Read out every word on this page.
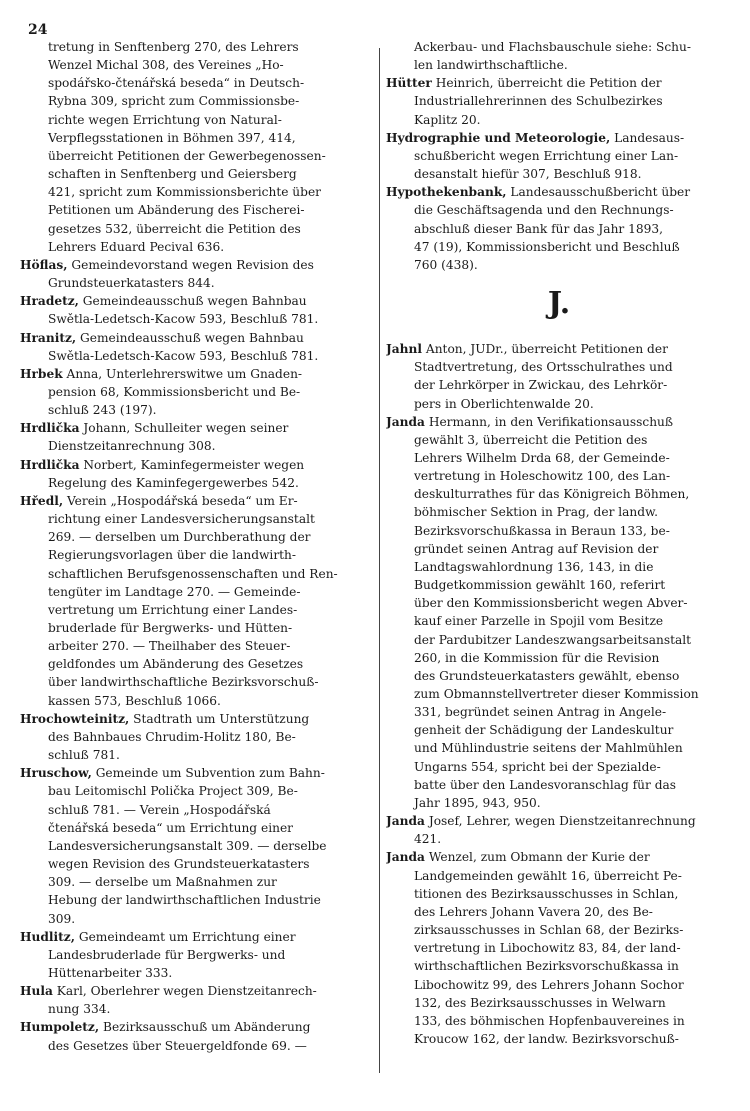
24
tretung in Senftenberg 270, des Lehrers
Wenzel Michal 308, des Vereines „Ho-
spodářsko-čtenářská beseda“ in Deutsch-
Rybna 309, spricht zum Commissionsbe-
richte wegen Errichtung von Natural-
Verpflegsstationen in Böhmen 397, 414,
überreicht Petitionen der Gewerbegenossen-
schaften in Senftenberg und Geiersberg
421, spricht zum Kommissionsberichte über
Petitionen um Abänderung des Fischerei-
gesetzes 532, überreicht die Petition des
Lehrers Eduard Pecival 636.
Höflas, Gemeindevorstand wegen Revision des
Grundsteuerkatasters 844.
Hradetz, Gemeindeausschuß wegen Bahnbau
Swětla-Ledetsch-Kacow 593, Beschluß 781.
Hranitz, Gemeindeausschuß wegen Bahnbau
Swětla-Ledetsch-Kacow 593, Beschluß 781.
Hrbek Anna, Unterlehrerswitwe um Gnaden-
pension 68, Kommissionsbericht und Be-
schluß 243 (197).
Hrdlička Johann, Schulleiter wegen seiner
Dienstzeitanrechnung 308.
Hrdlička Norbert, Kaminfegermeister wegen
Regelung des Kaminfegergewerbes 542.
Hředl, Verein „Hospodářská beseda“ um Er-
richtung einer Landesversicherungsanstalt
269. — derselben um Durchberathung der
Regierungsvorlagen über die landwirth-
schaftlichen Berufsgenossenschaften und Ren-
tengüter im Landtage 270. — Gemeinde-
vertretung um Errichtung einer Landes-
bruderlade für Bergwerks- und Hütten-
arbeiter 270. — Theilhaber des Steuer-
geldfondes um Abänderung des Gesetzes
über landwirthschaftliche Bezirksvorschuß-
kassen 573, Beschluß 1066.
Hrochowteinitz, Stadtrath um Unterstützung
des Bahnbaues Chrudim-Holitz 180, Be-
schluß 781.
Hruschow, Gemeinde um Subvention zum Bahn-
bau Leitomischl Polička Project 309, Be-
schluß 781. — Verein „Hospodářská
čtenářská beseda“ um Errichtung einer
Landesversicherungsanstalt 309. — derselbe
wegen Revision des Grundsteuerkatasters
309. — derselbe um Maßnahmen zur
Hebung der landwirthschaftlichen Industrie
309.
Hudlitz, Gemeindeamt um Errichtung einer
Landesbruderlade für Bergwerks- und
Hüttenarbeiter 333.
Hula Karl, Oberlehrer wegen Dienstzeitanrech-
nung 334.
Humpoletz, Bezirksausschuß um Abänderung
des Gesetzes über Steuergeldfonde 69. —
Ackerbau- und Flachsbauschule siehe: Schu-
len landwirthschaftliche.
Hütter Heinrich, überreicht die Petition der
Industriallehrerinnen des Schulbezirkes
Kaplitz 20.
Hydrographie und Meteorologie, Landesaus-
schußbericht wegen Errichtung einer Lan-
desanstalt hiefür 307, Beschluß 918.
Hypothekenbank, Landesausschußbericht über
die Geschäftsagenda und den Rechnungs-
abschluß dieser Bank für das Jahr 1893,
47 (19), Kommissionsbericht und Beschluß
760 (438).
J.
Jahnl Anton, JUDr., überreicht Petitionen der
Stadtvertretung, des Ortsschulrathes und
der Lehrkörper in Zwickau, des Lehrkör-
pers in Oberlichtenwalde 20.
Janda Hermann, in den Verifikationsausschuß
gewählt 3, überreicht die Petition des
Lehrers Wilhelm Drda 68, der Gemeinde-
vertretung in Holeschowitz 100, des Lan-
deskulturrathes für das Königreich Böhmen,
böhmischer Sektion in Prag, der landw.
Bezirksvorschußkassa in Beraun 133, be-
gründet seinen Antrag auf Revision der
Landtagswahlordnung 136, 143, in die
Budgetkommission gewählt 160, referirt
über den Kommissionsbericht wegen Abver-
kauf einer Parzelle in Spojil vom Besitze
der Pardubitzer Landeszwangsarbeitsanstalt
260, in die Kommission für die Revision
des Grundsteuerkatasters gewählt, ebenso
zum Obmannstellvertreter dieser Kommission
331, begründet seinen Antrag in Angele-
genheit der Schädigung der Landeskultur
und Mühlindustrie seitens der Mahlmühlen
Ungarns 554, spricht bei der Spezialde-
batte über den Landesvoranschlag für das
Jahr 1895, 943, 950.
Janda Josef, Lehrer, wegen Dienstzeitanrechnung
421.
Janda Wenzel, zum Obmann der Kurie der
Landgemeinden gewählt 16, überreicht Pe-
titionen des Bezirksausschusses in Schlan,
des Lehrers Johann Vavera 20, des Be-
zirksausschusses in Schlan 68, der Bezirks-
vertretung in Libochowitz 83, 84, der land-
wirthschaftlichen Bezirksvorschußkassa in
Libochowitz 99, des Lehrers Johann Sochor
132, des Bezirksausschusses in Welwarn
133, des böhmischen Hopfenbauvereines in
Kroucow 162, der landw. Bezirksvorschuß-
